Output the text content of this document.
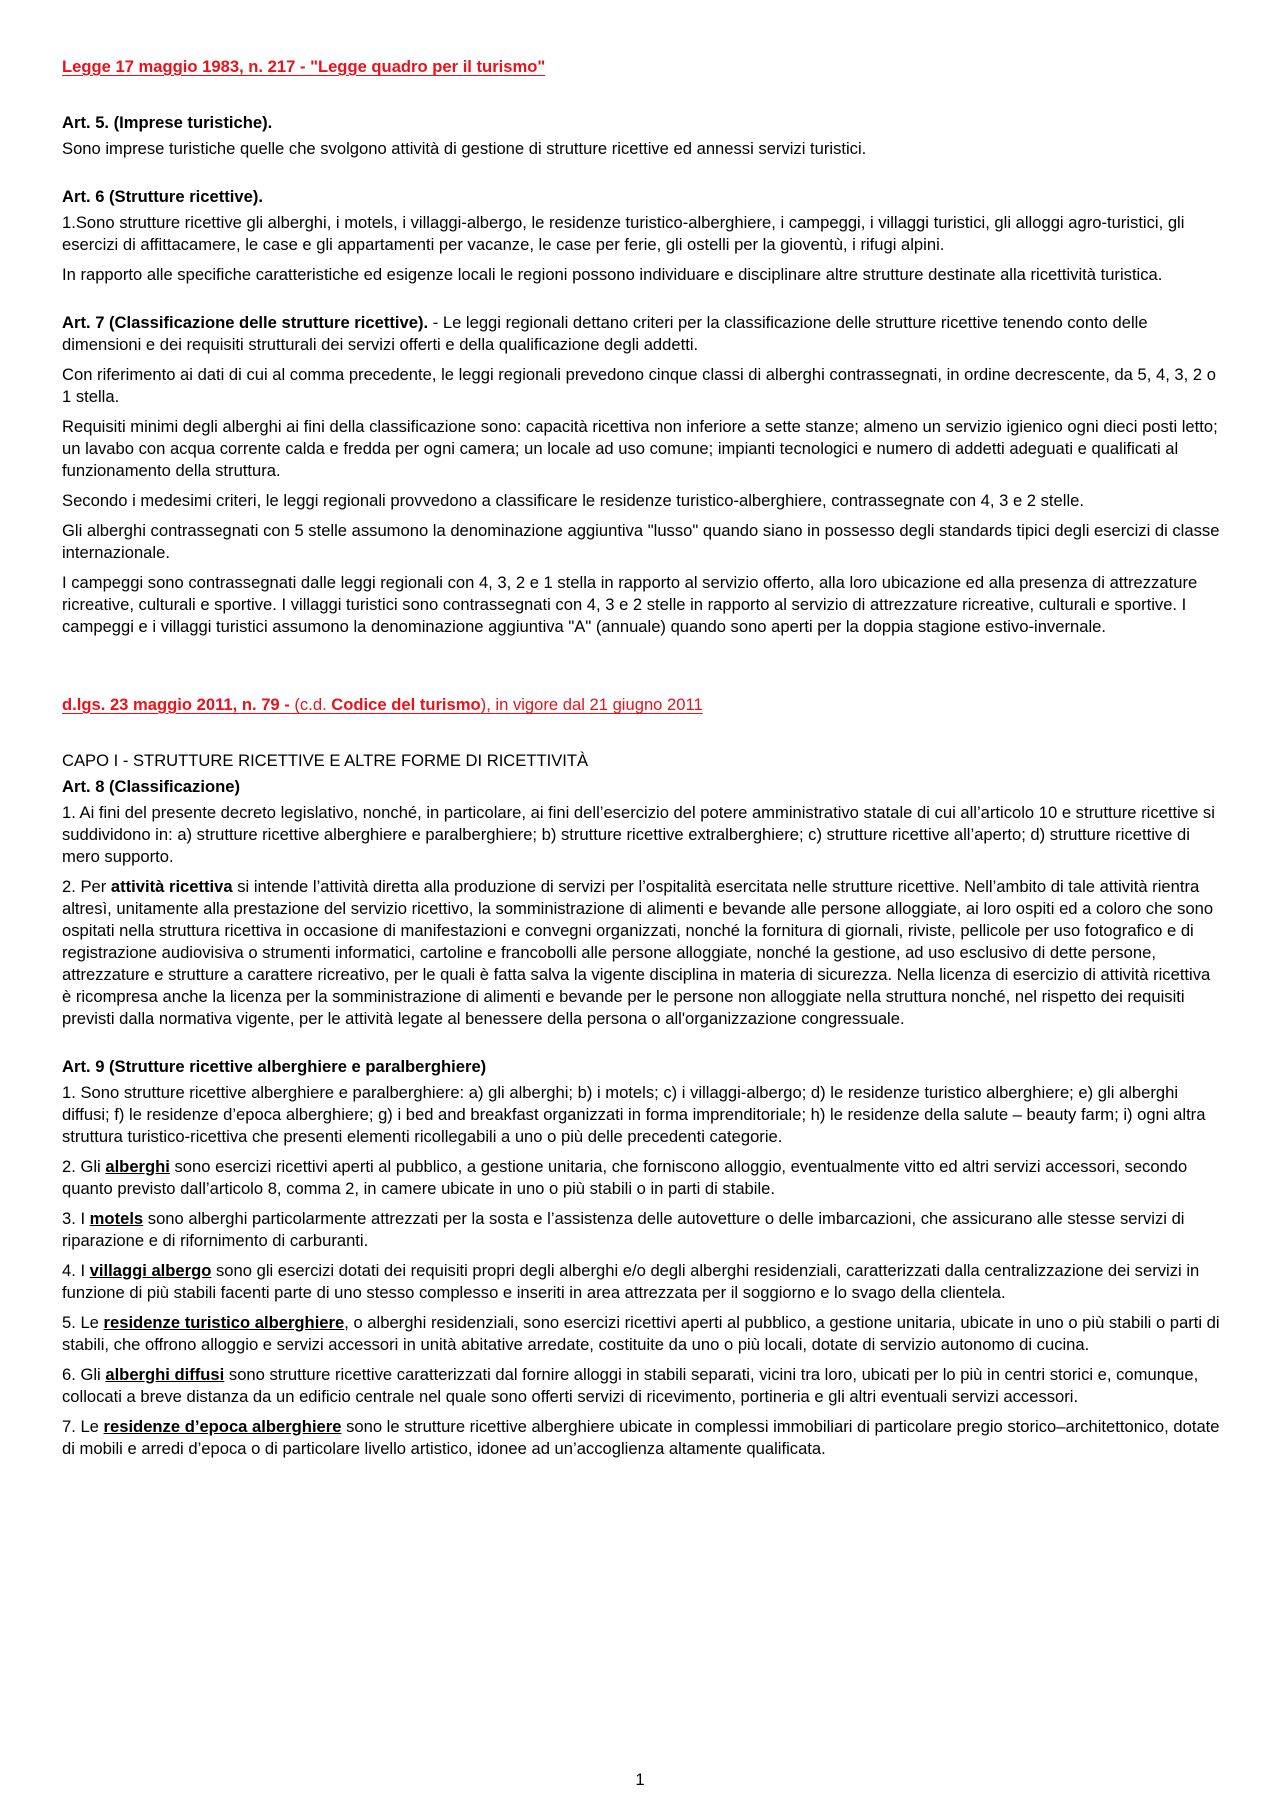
Legge 17 maggio 1983, n. 217 - "Legge quadro per il turismo"

Art. 5. (Imprese turistiche).

Sono imprese turistiche quelle che svolgono attività di gestione di strutture ricettive ed annessi servizi turistici.

Art. 6 (Strutture ricettive).

1.Sono strutture ricettive gli alberghi, i motels, i villaggi-albergo, le residenze turistico-alberghiere, i campeggi, i villaggi turistici, gli alloggi agro-turistici, gli esercizi di affittacamere, le case e gli appartamenti per vacanze, le case per ferie, gli ostelli per la gioventù, i rifugi alpini.

In rapporto alle specifiche caratteristiche ed esigenze locali le regioni possono individuare e disciplinare altre strutture destinate alla ricettività turistica.

Art. 7 (Classificazione delle strutture ricettive). - Le leggi regionali dettano criteri per la classificazione delle strutture ricettive tenendo conto delle dimensioni e dei requisiti strutturali dei servizi offerti e della qualificazione degli addetti.

Con riferimento ai dati di cui al comma precedente, le leggi regionali prevedono cinque classi di alberghi contrassegnati, in ordine decrescente, da 5, 4, 3, 2 o 1 stella.

Requisiti minimi degli alberghi ai fini della classificazione sono: capacità ricettiva non inferiore a sette stanze; almeno un servizio igienico ogni dieci posti letto; un lavabo con acqua corrente calda e fredda per ogni camera; un locale ad uso comune; impianti tecnologici e numero di addetti adeguati e qualificati al funzionamento della struttura.

Secondo i medesimi criteri, le leggi regionali provvedono a classificare le residenze turistico-alberghiere, contrassegnate con 4, 3 e 2 stelle.

Gli alberghi contrassegnati con 5 stelle assumono la denominazione aggiuntiva "lusso" quando siano in possesso degli standards tipici degli esercizi di classe internazionale.

I campeggi sono contrassegnati dalle leggi regionali con 4, 3, 2 e 1 stella in rapporto al servizio offerto, alla loro ubicazione ed alla presenza di attrezzature ricreative, culturali e sportive. I villaggi turistici sono contrassegnati con 4, 3 e 2 stelle in rapporto al servizio di attrezzature ricreative, culturali e sportive. I campeggi e i villaggi turistici assumono la denominazione aggiuntiva "A" (annuale) quando sono aperti per la doppia stagione estivo-invernale.

d.lgs. 23 maggio 2011, n. 79 - (c.d. Codice del turismo), in vigore dal 21 giugno 2011

CAPO I - STRUTTURE RICETTIVE E ALTRE FORME DI RICETTIVITÀ

Art. 8 (Classificazione)

1. Ai fini del presente decreto legislativo, nonché, in particolare, ai fini dell’esercizio del potere amministrativo statale di cui all’articolo 10 e strutture ricettive si suddividono in: a) strutture ricettive alberghiere e paralberghiere; b) strutture ricettive extralberghiere; c) strutture ricettive all’aperto; d) strutture ricettive di mero supporto.

2. Per attività ricettiva si intende l’attività diretta alla produzione di servizi per l’ospitalità esercitata nelle strutture ricettive. Nell’ambito di tale attività rientra altresì, unitamente alla prestazione del servizio ricettivo, la somministrazione di alimenti e bevande alle persone alloggiate, ai loro ospiti ed a coloro che sono ospitati nella struttura ricettiva in occasione di manifestazioni e convegni organizzati, nonché la fornitura di giornali, riviste, pellicole per uso fotografico e di registrazione audiovisiva o strumenti informatici, cartoline e francobolli alle persone alloggiate, nonché la gestione, ad uso esclusivo di dette persone, attrezzature e strutture a carattere ricreativo, per le quali è fatta salva la vigente disciplina in materia di sicurezza. Nella licenza di esercizio di attività ricettiva è ricompresa anche la licenza per la somministrazione di alimenti e bevande per le persone non alloggiate nella struttura nonché, nel rispetto dei requisiti previsti dalla normativa vigente, per le attività legate al benessere della persona o all'organizzazione congressuale.

Art. 9 (Strutture ricettive alberghiere e paralberghiere)

1. Sono strutture ricettive alberghiere e paralberghiere: a) gli alberghi; b) i motels; c) i villaggi-albergo; d) le residenze turistico alberghiere; e) gli alberghi diffusi; f) le residenze d’epoca alberghiere; g) i bed and breakfast organizzati in forma imprenditoriale; h) le residenze della salute – beauty farm; i) ogni altra struttura turistico-ricettiva che presenti elementi ricollegabili a uno o più delle precedenti categorie.

2. Gli alberghi sono esercizi ricettivi aperti al pubblico, a gestione unitaria, che forniscono alloggio, eventualmente vitto ed altri servizi accessori, secondo quanto previsto dall’articolo 8, comma 2, in camere ubicate in uno o più stabili o in parti di stabile.

3. I motels sono alberghi particolarmente attrezzati per la sosta e l’assistenza delle autovetture o delle imbarcazioni, che assicurano alle stesse servizi di riparazione e di rifornimento di carburanti.

4. I villaggi albergo sono gli esercizi dotati dei requisiti propri degli alberghi e/o degli alberghi residenziali, caratterizzati dalla centralizzazione dei servizi in funzione di più stabili facenti parte di uno stesso complesso e inseriti in area attrezzata per il soggiorno e lo svago della clientela.

5. Le residenze turistico alberghiere, o alberghi residenziali, sono esercizi ricettivi aperti al pubblico, a gestione unitaria, ubicate in uno o più stabili o parti di stabili, che offrono alloggio e servizi accessori in unità abitative arredate, costituite da uno o più locali, dotate di servizio autonomo di cucina.

6. Gli alberghi diffusi sono strutture ricettive caratterizzati dal fornire alloggi in stabili separati, vicini tra loro, ubicati per lo più in centri storici e, comunque, collocati a breve distanza da un edificio centrale nel quale sono offerti servizi di ricevimento, portineria e gli altri eventuali servizi accessori.

7. Le residenze d’epoca alberghiere sono le strutture ricettive alberghiere ubicate in complessi immobiliari di particolare pregio storico–architettonico, dotate di mobili e arredi d’epoca o di particolare livello artistico, idonee ad un’accoglienza altamente qualificata.

1
